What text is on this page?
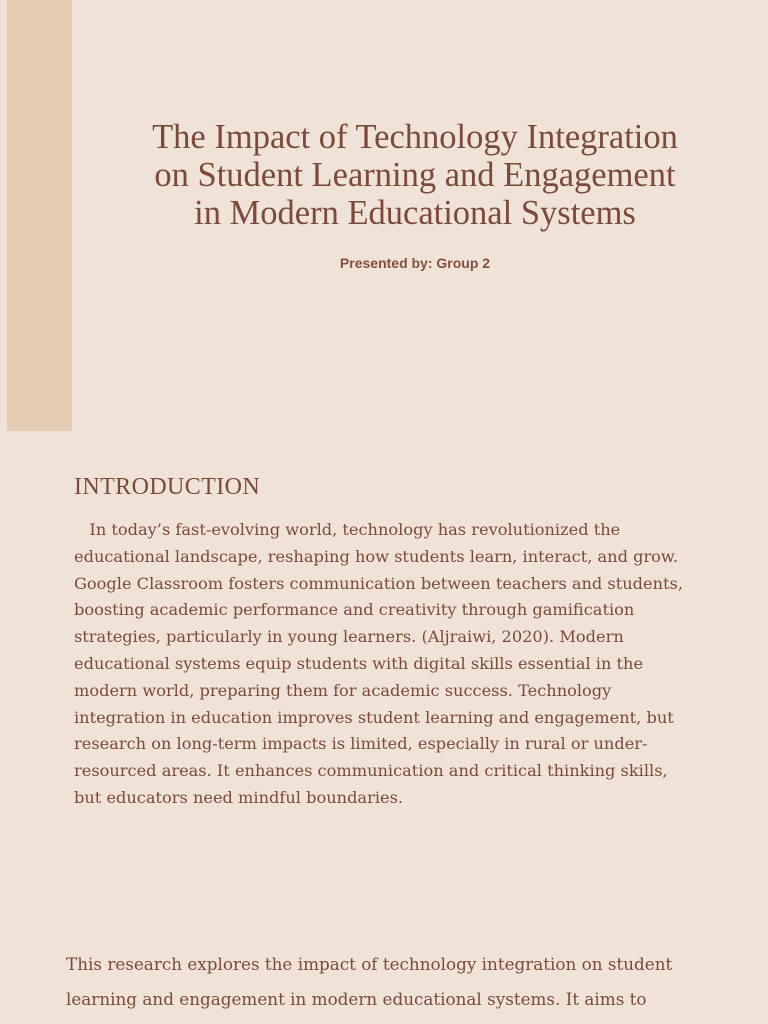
The Impact of Technology Integration
on Student Learning and Engagement
in Modern Educational Systems
Presented by: Group 2
INTRODUCTION

In today’s fast-evolving world, technology has revolutionized the
educational landscape, reshaping how students learn, interact, and grow.
Google Classroom fosters communication between teachers and students,
boosting academic performance and creativity through gamification
strategies, particularly in young learners. (Aljraiwi, 2020). Modern
educational systems equip students with digital skills essential in the
modern world, preparing them for academic success. Technology
integration in education improves student learning and engagement, but
research on long-term impacts is limited, especially in rural or under-
resourced areas. It enhances communication and critical thinking skills,
but educators need mindful boundaries.

This research explores the impact of technology integration on student
learning and engagement in modern educational systems. It aims to
